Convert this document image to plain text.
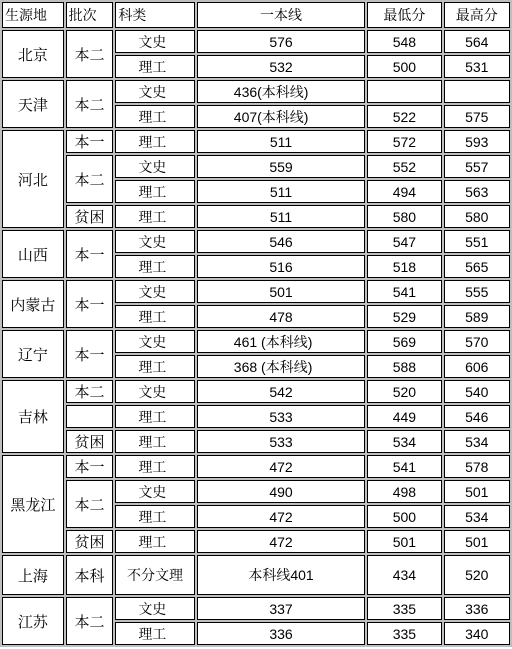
生源地	批次	科类	一本线	最低分	最高分
北京	本二	文史	576	548	564
		理工	532	500	531
天津	本二	文史	436(本科线)		
		理工	407(本科线)	522	575
河北	本一	理工	511	572	593
	本二	文史	559	552	557
		理工	511	494	563
	贫困	理工	511	580	580
山西	本一	文史	546	547	551
		理工	516	518	565
内蒙古	本一	文史	501	541	555
		理工	478	529	589
辽宁	本一	文史	461 (本科线)	569	570
		理工	368 (本科线)	588	606
吉林	本二	文史	542	520	540
		理工	533	449	546
	贫困	理工	533	534	534
黑龙江	本一	理工	472	541	578
	本二	文史	490	498	501
		理工	472	500	534
	贫困	理工	472	501	501
上海	本科	不分文理	本科线401	434	520
江苏	本二	文史	337	335	336
		理工	336	335	340
